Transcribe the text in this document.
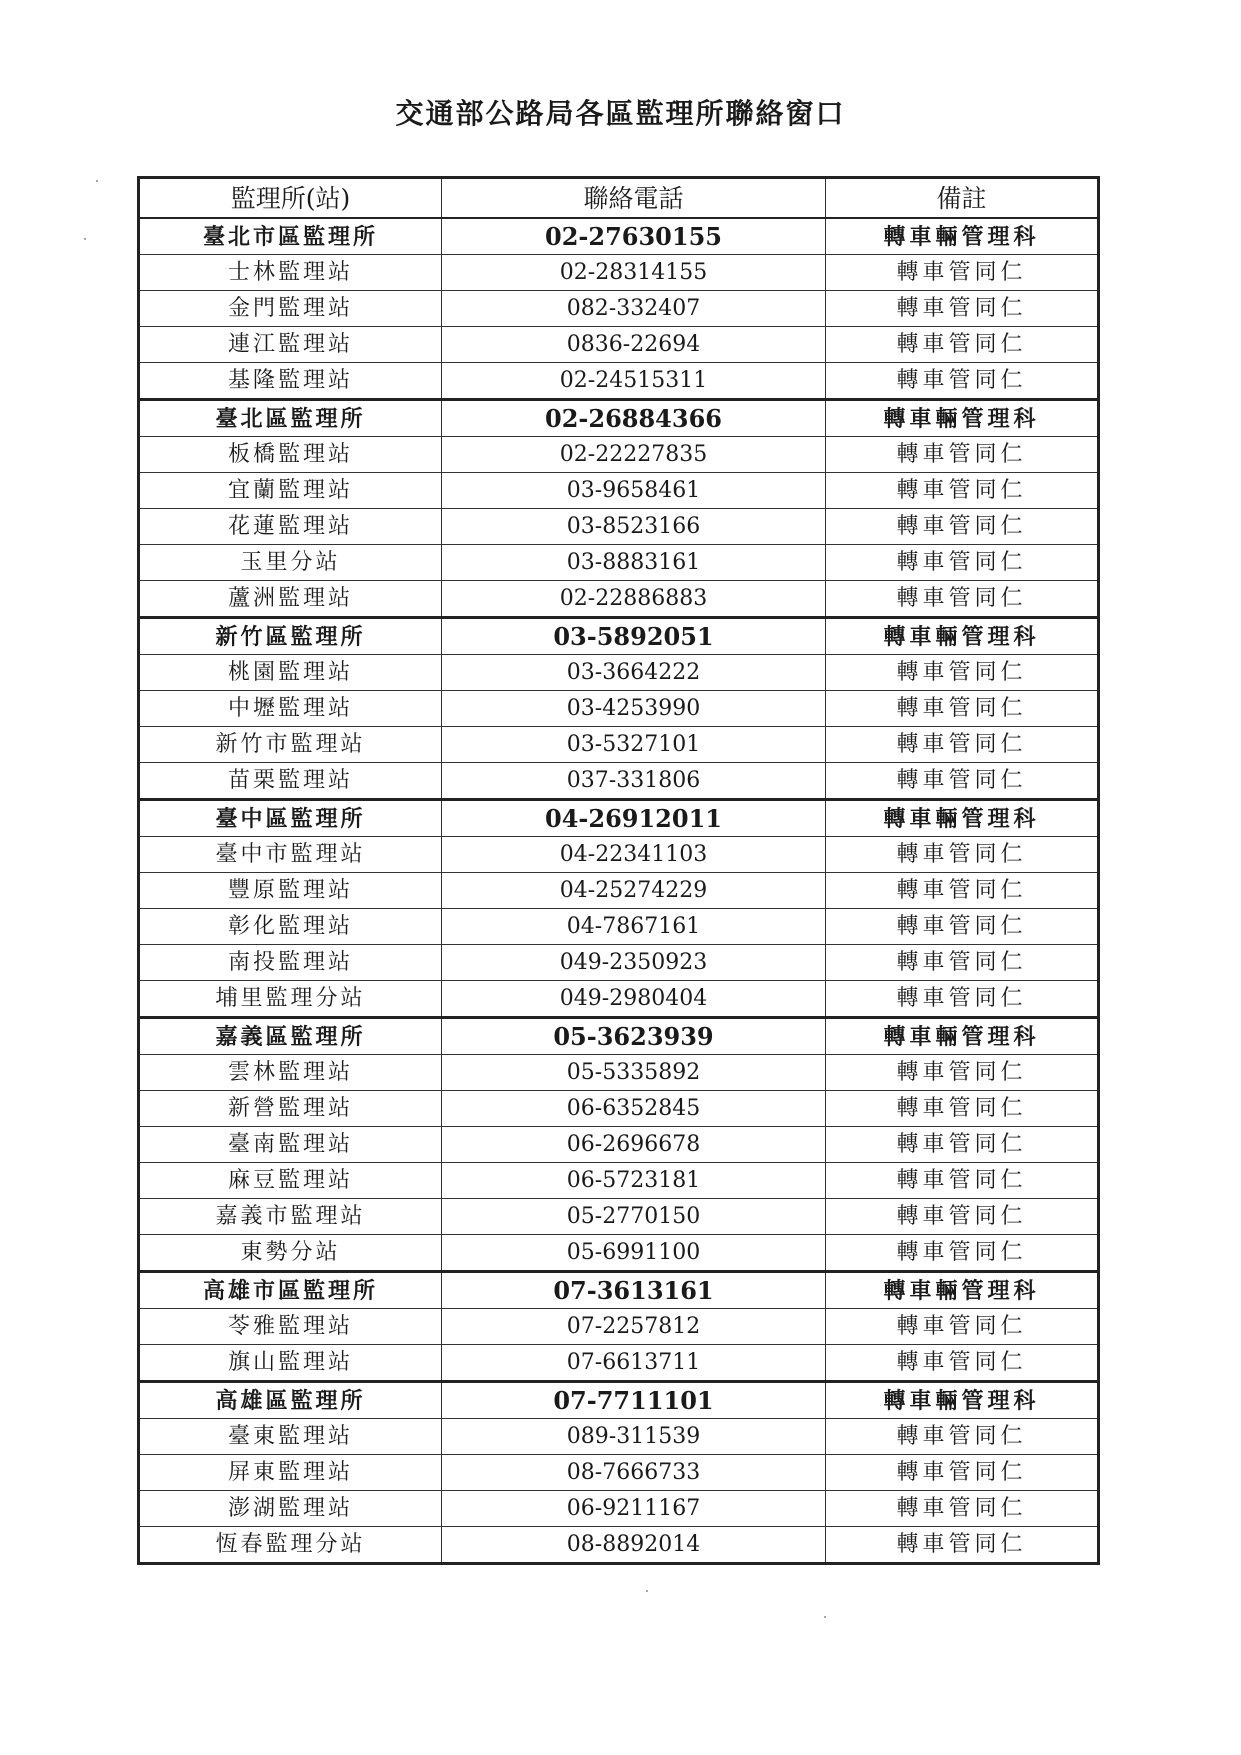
交通部公路局各區監理所聯絡窗口
監理所(站)	聯絡電話	備註
臺北市區監理所	02-27630155	轉車輛管理科
士林監理站	02-28314155	轉車管同仁
金門監理站	082-332407	轉車管同仁
連江監理站	0836-22694	轉車管同仁
基隆監理站	02-24515311	轉車管同仁
臺北區監理所	02-26884366	轉車輛管理科
板橋監理站	02-22227835	轉車管同仁
宜蘭監理站	03-9658461	轉車管同仁
花蓮監理站	03-8523166	轉車管同仁
玉里分站	03-8883161	轉車管同仁
蘆洲監理站	02-22886883	轉車管同仁
新竹區監理所	03-5892051	轉車輛管理科
桃園監理站	03-3664222	轉車管同仁
中壢監理站	03-4253990	轉車管同仁
新竹市監理站	03-5327101	轉車管同仁
苗栗監理站	037-331806	轉車管同仁
臺中區監理所	04-26912011	轉車輛管理科
臺中市監理站	04-22341103	轉車管同仁
豐原監理站	04-25274229	轉車管同仁
彰化監理站	04-7867161	轉車管同仁
南投監理站	049-2350923	轉車管同仁
埔里監理分站	049-2980404	轉車管同仁
嘉義區監理所	05-3623939	轉車輛管理科
雲林監理站	05-5335892	轉車管同仁
新營監理站	06-6352845	轉車管同仁
臺南監理站	06-2696678	轉車管同仁
麻豆監理站	06-5723181	轉車管同仁
嘉義市監理站	05-2770150	轉車管同仁
東勢分站	05-6991100	轉車管同仁
高雄市區監理所	07-3613161	轉車輛管理科
苓雅監理站	07-2257812	轉車管同仁
旗山監理站	07-6613711	轉車管同仁
高雄區監理所	07-7711101	轉車輛管理科
臺東監理站	089-311539	轉車管同仁
屏東監理站	08-7666733	轉車管同仁
澎湖監理站	06-9211167	轉車管同仁
恆春監理分站	08-8892014	轉車管同仁
